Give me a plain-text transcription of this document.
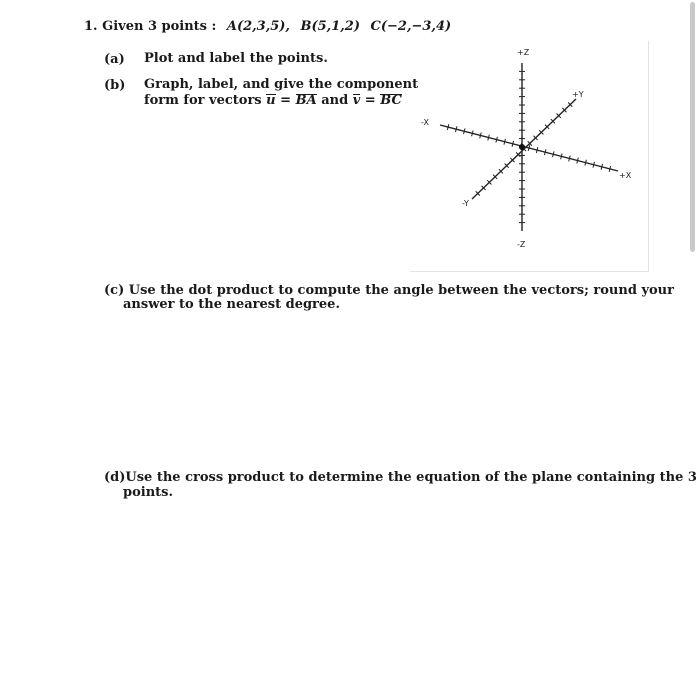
1. Given 3 points : A(2,3,5), B(5,1,2) C(−2,−3,4)
(a) Plot and label the points.
(b) Graph, label, and give the component
form for vectors u = BA and v = BC
+Z
-Z
+X
-X
+Y
-Y
(c) Use the dot product to compute the angle between the vectors; round your
answer to the nearest degree.
(d)Use the cross product to determine the equation of the plane containing the 3
points.
